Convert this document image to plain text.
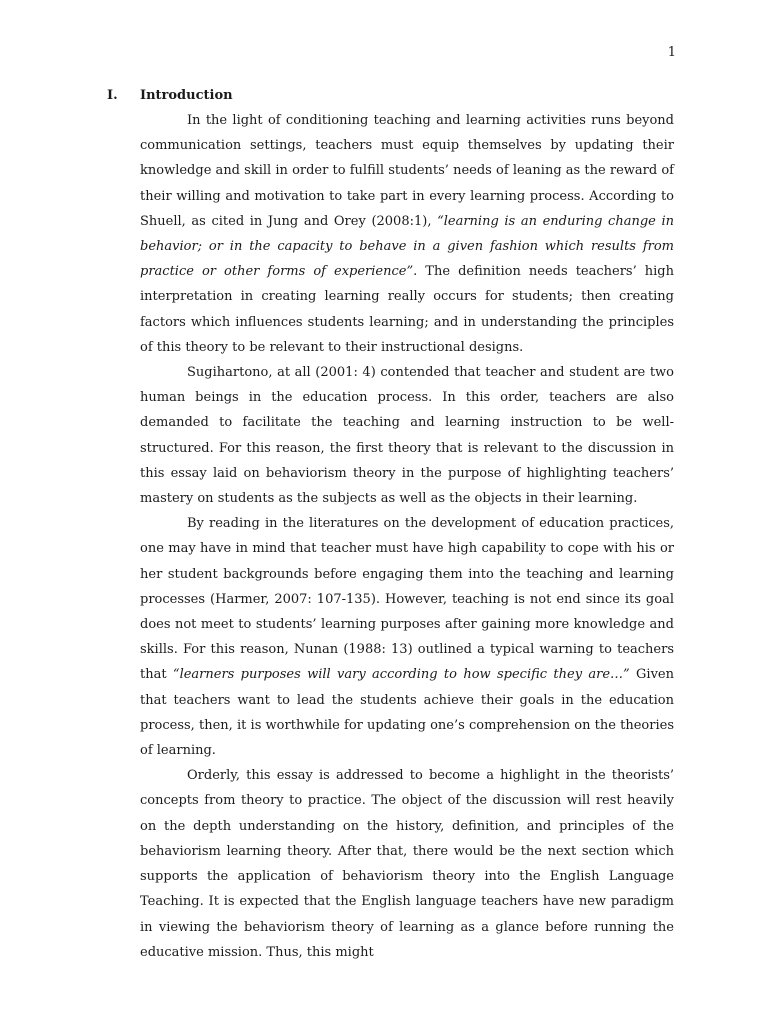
1
I. Introduction

In the light of conditioning teaching and learning activities runs beyond communication settings, teachers must equip themselves by updating their knowledge and skill in order to fulfill students’ needs of leaning as the reward of their willing and motivation to take part in every learning process. According to Shuell, as cited in Jung and Orey (2008:1), “learning is an enduring change in behavior; or in the capacity to behave in a given fashion which results from practice or other forms of experience”. The definition needs teachers’ high interpretation in creating learning really occurs for students; then creating factors which influences students learning; and in understanding the principles of this theory to be relevant to their instructional designs.

Sugihartono, at all (2001: 4) contended that teacher and student are two human beings in the education process. In this order, teachers are also demanded to facilitate the teaching and learning instruction to be well- structured. For this reason, the first theory that is relevant to the discussion in this essay laid on behaviorism theory in the purpose of highlighting teachers’ mastery on students as the subjects as well as the objects in their learning.

By reading in the literatures on the development of education practices, one may have in mind that teacher must have high capability to cope with his or her student backgrounds before engaging them into the teaching and learning processes (Harmer, 2007: 107-135). However, teaching is not end since its goal does not meet to students’ learning purposes after gaining more knowledge and skills. For this reason, Nunan (1988: 13) outlined a typical warning to teachers that “learners purposes will vary according to how specific they are…” Given that teachers want to lead the students achieve their goals in the education process, then, it is worthwhile for updating one’s comprehension on the theories of learning.

Orderly, this essay is addressed to become a highlight in the theorists’ concepts from theory to practice. The object of the discussion will rest heavily on the depth understanding on the history, definition, and principles of the behaviorism learning theory. After that, there would be the next section which supports the application of behaviorism theory into the English Language Teaching. It is expected that the English language teachers have new paradigm in viewing the behaviorism theory of learning as a glance before running the educative mission. Thus, this might
